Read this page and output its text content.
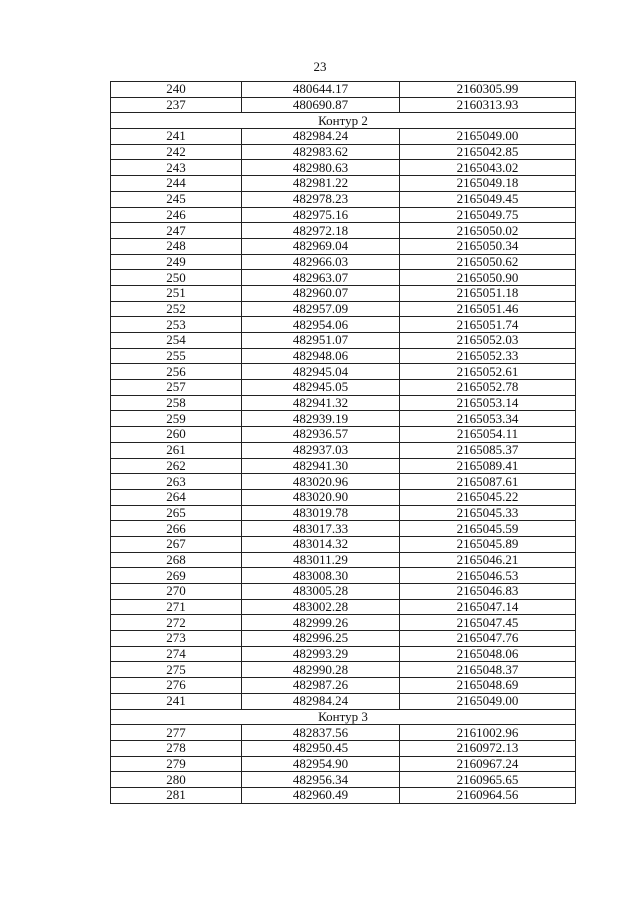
23
240	480644.17	2160305.99
237	480690.87	2160313.93
Контур 2		
241	482984.24	2165049.00
242	482983.62	2165042.85
243	482980.63	2165043.02
244	482981.22	2165049.18
245	482978.23	2165049.45
246	482975.16	2165049.75
247	482972.18	2165050.02
248	482969.04	2165050.34
249	482966.03	2165050.62
250	482963.07	2165050.90
251	482960.07	2165051.18
252	482957.09	2165051.46
253	482954.06	2165051.74
254	482951.07	2165052.03
255	482948.06	2165052.33
256	482945.04	2165052.61
257	482945.05	2165052.78
258	482941.32	2165053.14
259	482939.19	2165053.34
260	482936.57	2165054.11
261	482937.03	2165085.37
262	482941.30	2165089.41
263	483020.96	2165087.61
264	483020.90	2165045.22
265	483019.78	2165045.33
266	483017.33	2165045.59
267	483014.32	2165045.89
268	483011.29	2165046.21
269	483008.30	2165046.53
270	483005.28	2165046.83
271	483002.28	2165047.14
272	482999.26	2165047.45
273	482996.25	2165047.76
274	482993.29	2165048.06
275	482990.28	2165048.37
276	482987.26	2165048.69
241	482984.24	2165049.00
Контур 3		
277	482837.56	2161002.96
278	482950.45	2160972.13
279	482954.90	2160967.24
280	482956.34	2160965.65
281	482960.49	2160964.56
